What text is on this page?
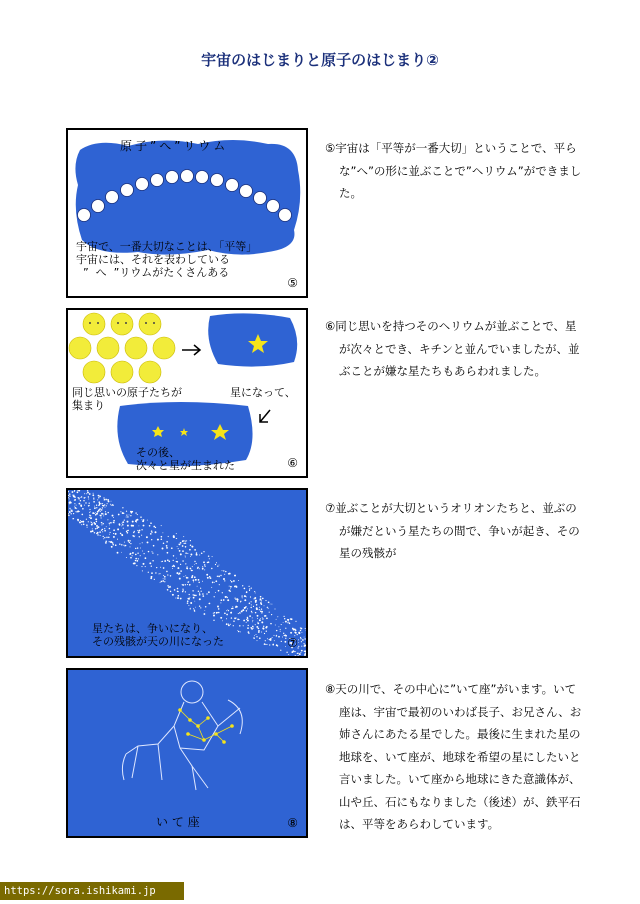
宇宙のはじまりと原子のはじまり②
原子”へ”リウム
宇宙で、一番大切なことは、「平等」
宇宙には、それを表わしている
”  へ  ”リウムがたくさんある
⑤

⑤宇宙は「平等が一番大切」ということで、平らな”へ”の形に並ぶことで”ヘリウム”ができました。

同じ思いの原子たちが
集まり
星になって、
その後、
次々と星が生まれた	⑥

⑥同じ思いを持つそのヘリウムが並ぶことで、星が次々とでき、キチンと並んでいましたが、並ぶことが嫌な星たちもあらわれました。

星たちは、争いになり、
その残骸が天の川になった	⑦

⑦並ぶことが大切というオリオンたちと、並ぶのが嫌だという星たちの間で、争いが起き、その星の残骸が

い て 座	⑧

⑧天の川で、その中心に”いて座”がいます。いて座は、宇宙で最初のいわば長子、お兄さん、お姉さんにあたる星でした。最後に生まれた星の地球を、いて座が、地球を希望の星にしたいと言いました。いて座から地球にきた意識体が、山や丘、石にもなりました（後述）が、鉄平石は、平等をあらわしています。

https://sora.ishikami.jp
